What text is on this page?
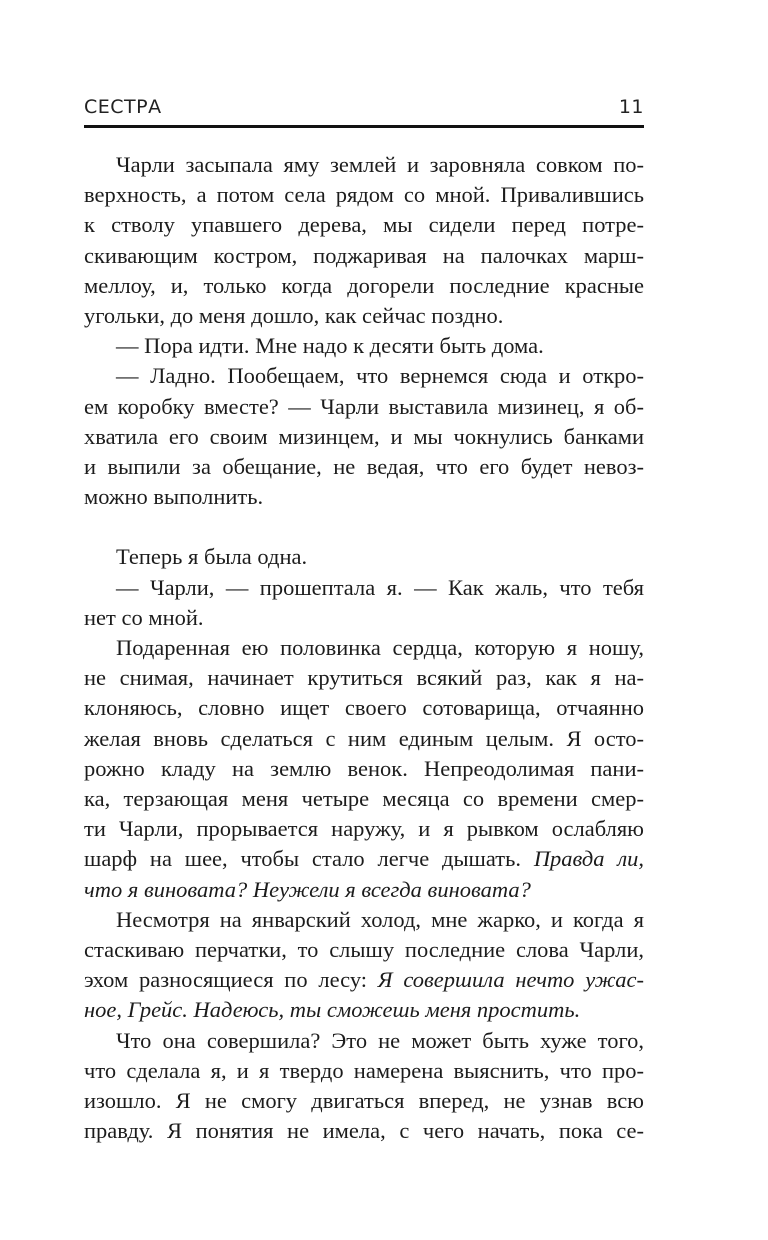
СЕСТРА	11
Чарли засыпала яму землей и заровняла совком по-
верхность, а потом села рядом со мной. Привалившись
к стволу упавшего дерева, мы сидели перед потре-
скивающим костром, поджаривая на палочках марш-
меллоу, и, только когда догорели последние красные
угольки, до меня дошло, как сейчас поздно.
— Пора идти. Мне надо к десяти быть дома.
— Ладно. Пообещаем, что вернемся сюда и откро-
ем коробку вместе? — Чарли выставила мизинец, я об-
хватила его своим мизинцем, и мы чокнулись банками
и выпили за обещание, не ведая, что его будет невоз-
можно выполнить.
Теперь я была одна.
— Чарли, — прошептала я. — Как жаль, что тебя
нет со мной.
Подаренная ею половинка сердца, которую я ношу,
не снимая, начинает крутиться всякий раз, как я на-
клоняюсь, словно ищет своего сотоварища, отчаянно
желая вновь сделаться с ним единым целым. Я осто-
рожно кладу на землю венок. Непреодолимая пани-
ка, терзающая меня четыре месяца со времени смер-
ти Чарли, прорывается наружу, и я рывком ослабляю
шарф на шее, чтобы стало легче дышать. Правда ли,
что я виновата? Неужели я всегда виновата?
Несмотря на январский холод, мне жарко, и когда я
стаскиваю перчатки, то слышу последние слова Чарли,
эхом разносящиеся по лесу: Я совершила нечто ужас-
ное, Грейс. Надеюсь, ты сможешь меня простить.
Что она совершила? Это не может быть хуже того,
что сделала я, и я твердо намерена выяснить, что про-
изошло. Я не смогу двигаться вперед, не узнав всю
правду. Я понятия не имела, с чего начать, пока се-
